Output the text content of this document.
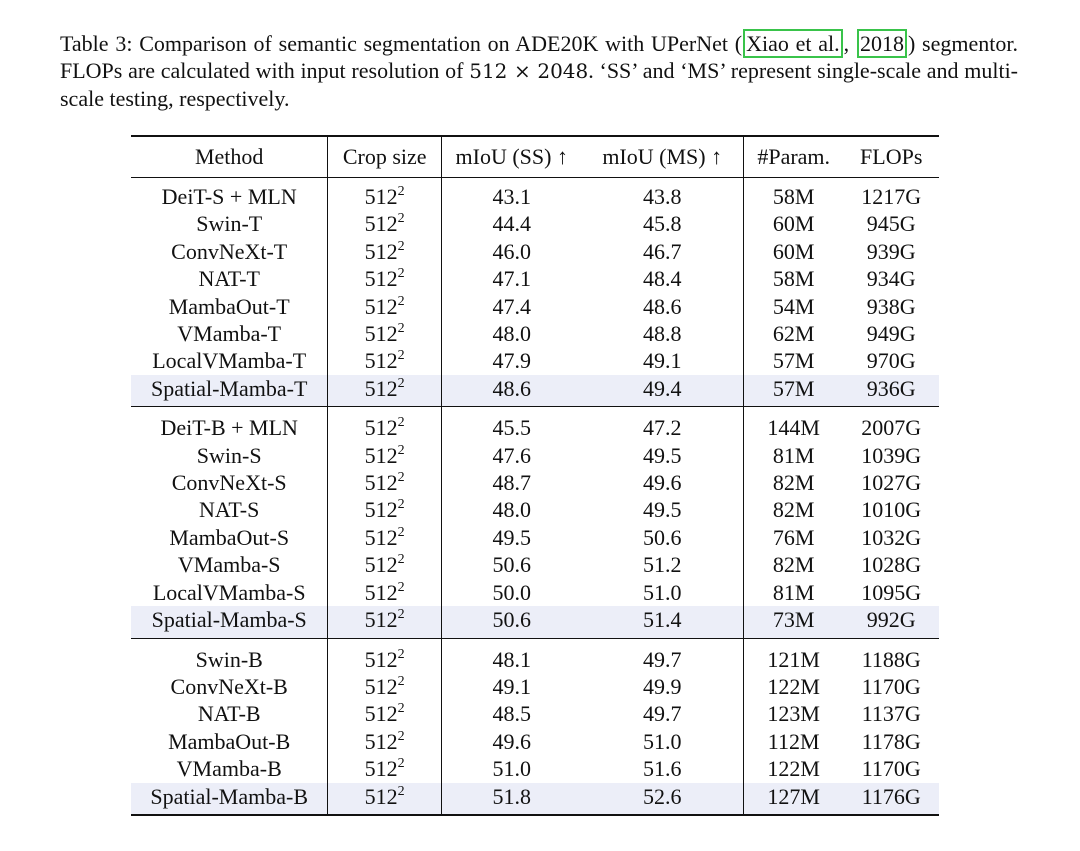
Table 3: Comparison of semantic segmentation on ADE20K with UPerNet ( Xiao et al. , 2018 ) segmentor. FLOPs are calculated with input resolution of 512 × 2048. ‘SS’ and ‘MS’ represent single-scale and multi-scale testing, respectively.
Method	Crop size	mIoU (SS) ↑	mIoU (MS) ↑	#Param.	FLOPs
DeiT-S + MLN	$512^2$	43.1	43.8	58M	1217G
Swin-T	$512^2$	44.4	45.8	60M	945G
ConvNeXt-T	$512^2$	46.0	46.7	60M	939G
NAT-T	$512^2$	47.1	48.4	58M	934G
MambaOut-T	$512^2$	47.4	48.6	54M	938G
VMamba-T	$512^2$	48.0	48.8	62M	949G
LocalVMamba-T	$512^2$	47.9	49.1	57M	970G
Spatial-Mamba-T	$512^2$	48.6	49.4	57M	936G
DeiT-B + MLN	$512^2$	45.5	47.2	144M	2007G
Swin-S	$512^2$	47.6	49.5	81M	1039G
ConvNeXt-S	$512^2$	48.7	49.6	82M	1027G
NAT-S	$512^2$	48.0	49.5	82M	1010G
MambaOut-S	$512^2$	49.5	50.6	76M	1032G
VMamba-S	$512^2$	50.6	51.2	82M	1028G
LocalVMamba-S	$512^2$	50.0	51.0	81M	1095G
Spatial-Mamba-S	$512^2$	50.6	51.4	73M	992G
Swin-B	$512^2$	48.1	49.7	121M	1188G
ConvNeXt-B	$512^2$	49.1	49.9	122M	1170G
NAT-B	$512^2$	48.5	49.7	123M	1137G
MambaOut-B	$512^2$	49.6	51.0	112M	1178G
VMamba-B	$512^2$	51.0	51.6	122M	1170G
Spatial-Mamba-B	$512^2$	51.8	52.6	127M	1176G
